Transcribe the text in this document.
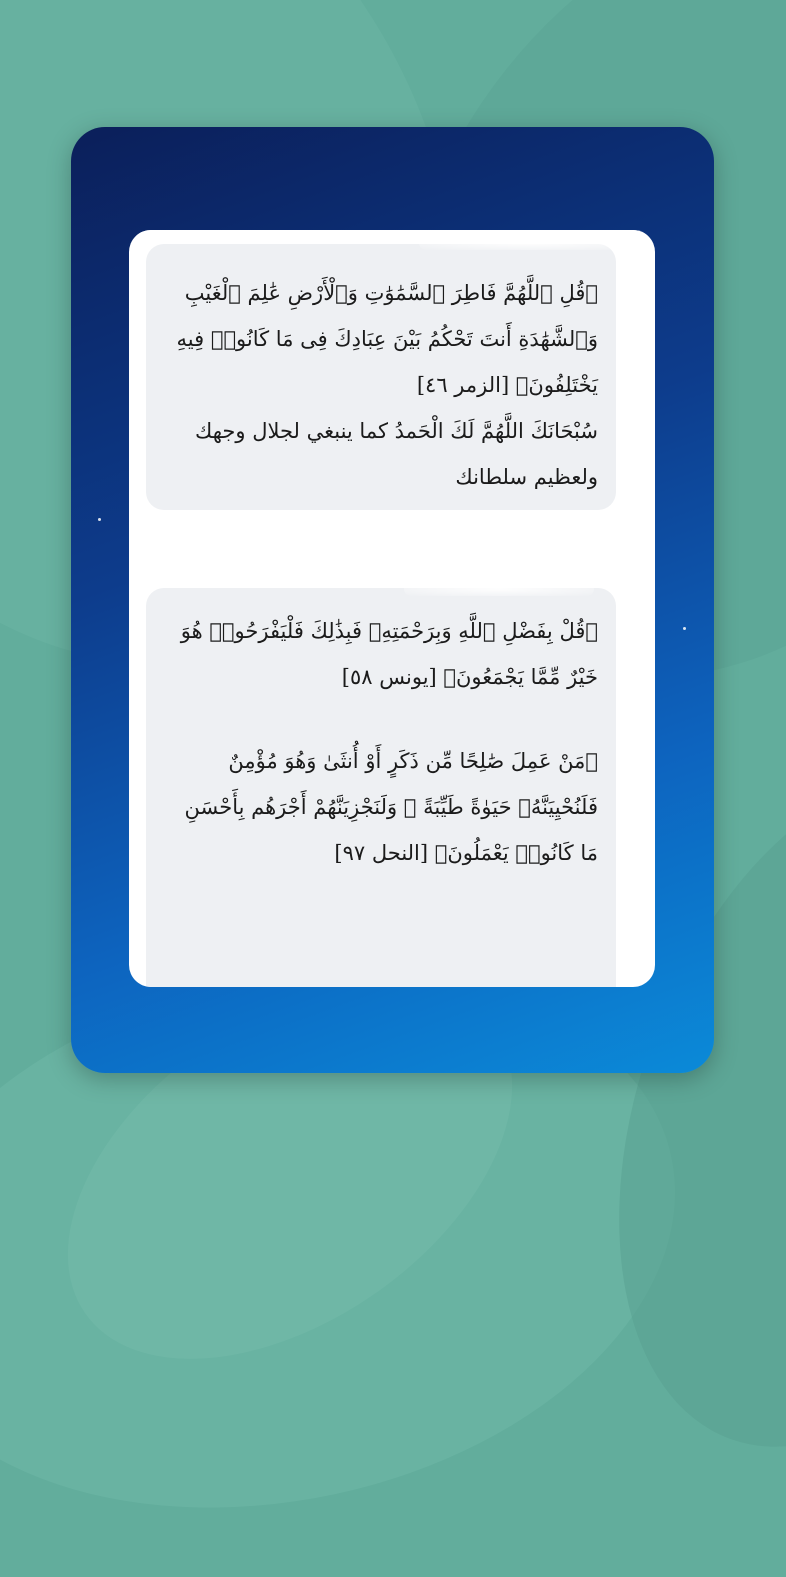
﴿قُلِ ٱللَّهُمَّ فَاطِرَ ٱلسَّمَٰوَٰتِ وَٱلْأَرْضِ عَٰلِمَ ٱلْغَيْبِ وَٱلشَّهَٰدَةِ أَنتَ تَحْكُمُ بَيْنَ عِبَادِكَ فِى مَا كَانُوا۟ فِيهِ يَخْتَلِفُونَ﴾ [الزمر ٤٦]

سُبْحَانَكَ اللَّهُمَّ لَكَ الْحَمدُ كما ينبغي لجلال وجهك ولعظيم سلطانك

﴿قُلْ بِفَضْلِ ٱللَّهِ وَبِرَحْمَتِهِۦ فَبِذَٰلِكَ فَلْيَفْرَحُوا۟ هُوَ خَيْرٌ مِّمَّا يَجْمَعُونَ﴾ [يونس ٥٨]

﴿مَنْ عَمِلَ صَٰلِحًا مِّن ذَكَرٍ أَوْ أُنثَىٰ وَهُوَ مُؤْمِنٌ فَلَنُحْيِيَنَّهُۥ حَيَوٰةً طَيِّبَةً ۖ وَلَنَجْزِيَنَّهُمْ أَجْرَهُم بِأَحْسَنِ مَا كَانُوا۟ يَعْمَلُونَ﴾ [النحل ٩٧]
